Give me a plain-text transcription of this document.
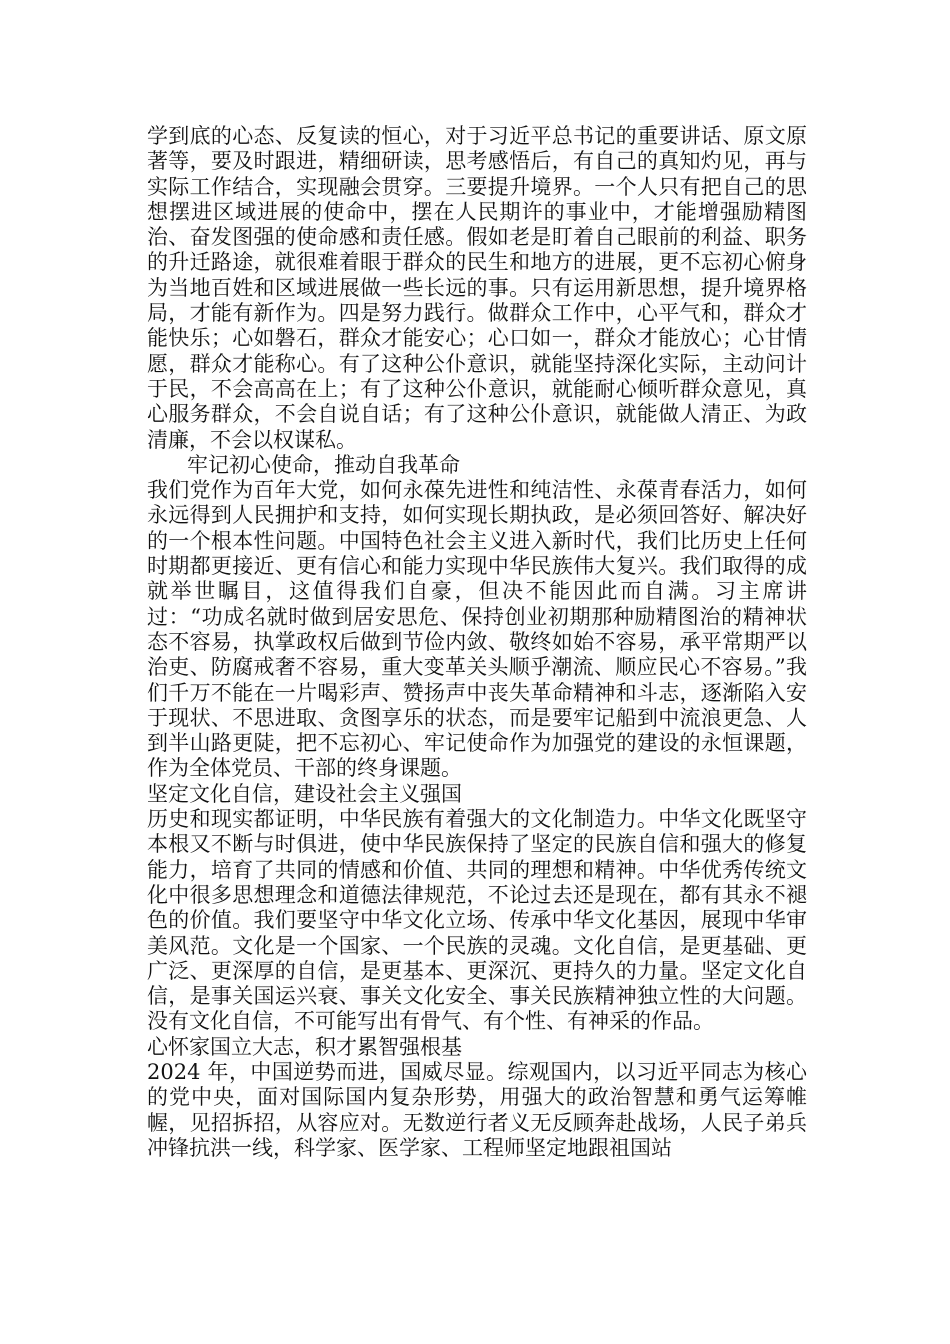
学到底的心态、反复读的恒心，对于习近平总书记的重要讲话、原文原著等，要及时跟进，精细研读，思考感悟后，有自己的真知灼见，再与实际工作结合，实现融会贯穿。三要提升境界。一个人只有把自己的思想摆进区域进展的使命中，摆在人民期许的事业中，才能增强励精图治、奋发图强的使命感和责任感。假如老是盯着自己眼前的利益、职务的升迁路途，就很难着眼于群众的民生和地方的进展，更不忘初心俯身为当地百姓和区域进展做一些长远的事。只有运用新思想，提升境界格局，才能有新作为。四是努力践行。做群众工作中，心平气和，群众才能快乐；心如磐石，群众才能安心；心口如一，群众才能放心；心甘情愿，群众才能称心。有了这种公仆意识，就能坚持深化实际，主动问计于民，不会高高在上；有了这种公仆意识，就能耐心倾听群众意见，真心服务群众，不会自说自话；有了这种公仆意识，就能做人清正、为政清廉，不会以权谋私。

牢记初心使命，推动自我革命

我们党作为百年大党，如何永葆先进性和纯洁性、永葆青春活力，如何永远得到人民拥护和支持，如何实现长期执政，是必须回答好、解决好的一个根本性问题。中国特色社会主义进入新时代，我们比历史上任何时期都更接近、更有信心和能力实现中华民族伟大复兴。我们取得的成就举世瞩目，这值得我们自豪，但决不能因此而自满。习主席讲过：“功成名就时做到居安思危、保持创业初期那种励精图治的精神状态不容易，执掌政权后做到节俭内敛、敬终如始不容易，承平常期严以治吏、防腐戒奢不容易，重大变革关头顺乎潮流、顺应民心不容易。”我们千万不能在一片喝彩声、赞扬声中丧失革命精神和斗志，逐渐陷入安于现状、不思进取、贪图享乐的状态，而是要牢记船到中流浪更急、人到半山路更陡，把不忘初心、牢记使命作为加强党的建设的永恒课题，作为全体党员、干部的终身课题。

坚定文化自信，建设社会主义强国

历史和现实都证明，中华民族有着强大的文化制造力。中华文化既坚守本根又不断与时俱进，使中华民族保持了坚定的民族自信和强大的修复能力，培育了共同的情感和价值、共同的理想和精神。中华优秀传统文化中很多思想理念和道德法律规范，不论过去还是现在，都有其永不褪色的价值。我们要坚守中华文化立场、传承中华文化基因，展现中华审美风范。文化是一个国家、一个民族的灵魂。文化自信，是更基础、更广泛、更深厚的自信，是更基本、更深沉、更持久的力量。坚定文化自信，是事关国运兴衰、事关文化安全、事关民族精神独立性的大问题。没有文化自信，不可能写出有骨气、有个性、有神采的作品。

心怀家国立大志，积才累智强根基

2024 年，中国逆势而进，国威尽显。综观国内，以习近平同志为核心的党中央，面对国际国内复杂形势，用强大的政治智慧和勇气运筹帷幄，见招拆招，从容应对。无数逆行者义无反顾奔赴战场，人民子弟兵冲锋抗洪一线，科学家、医学家、工程师坚定地跟祖国站
